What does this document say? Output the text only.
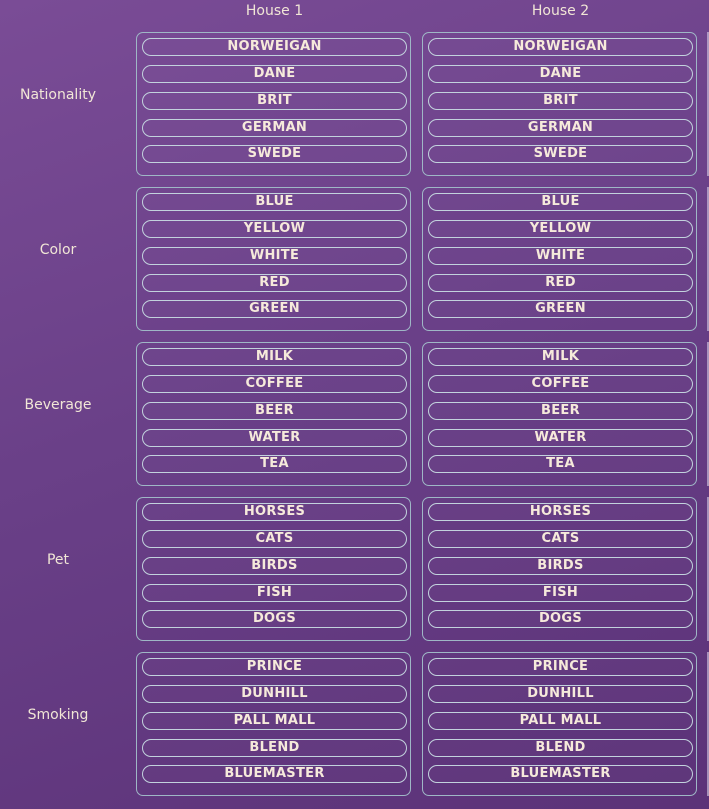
House 1	House 2
Nationality
NORWEIGAN
DANE
BRIT
GERMAN
SWEDE
NORWEIGAN
DANE
BRIT
GERMAN
SWEDE
Color
BLUE
YELLOW
WHITE
RED
GREEN
BLUE
YELLOW
WHITE
RED
GREEN
Beverage
MILK
COFFEE
BEER
WATER
TEA
MILK
COFFEE
BEER
WATER
TEA
Pet
HORSES
CATS
BIRDS
FISH
DOGS
HORSES
CATS
BIRDS
FISH
DOGS
Smoking
PRINCE
DUNHILL
PALL MALL
BLEND
BLUEMASTER
PRINCE
DUNHILL
PALL MALL
BLEND
BLUEMASTER
